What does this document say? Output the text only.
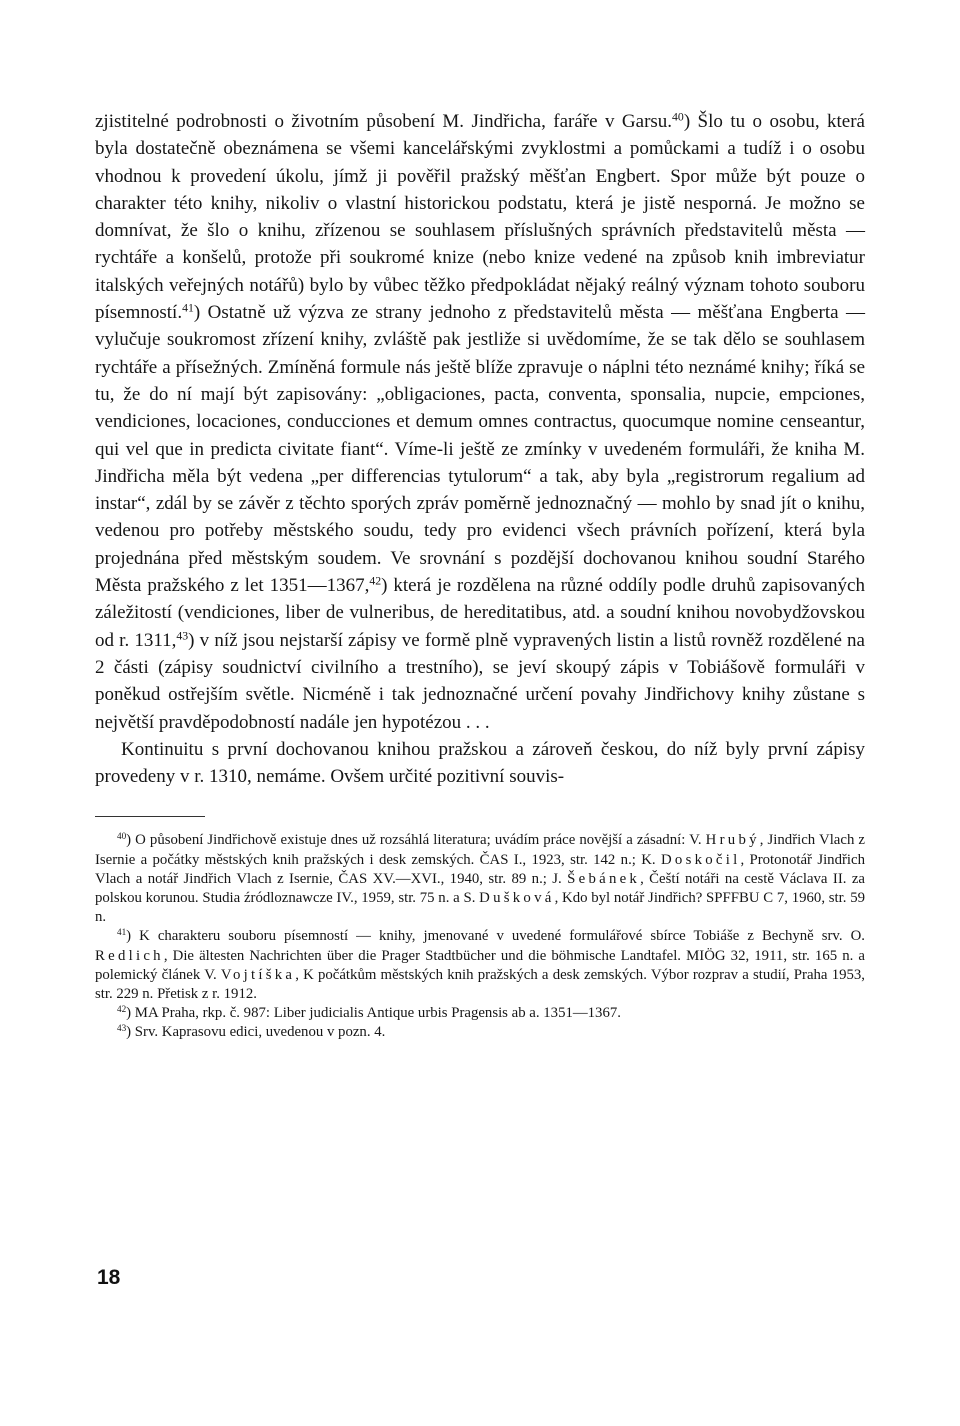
zjistitelné podrobnosti o životním působení M. Jindřicha, faráře v Garsu.$^{40}$) Šlo tu o osobu, která byla dostatečně obeznámena se všemi kancelářskými zvyklostmi a pomůckami a tudíž i o osobu vhodnou k provedení úkolu, jímž ji pověřil pražský měšťan Engbert. Spor může být pouze o charakter této knihy, nikoliv o vlastní historickou podstatu, která je jistě nesporná. Je možno se domnívat, že šlo o knihu, zřízenou se souhlasem příslušných správních představitelů města — rychtáře a konšelů, protože při soukromé knize (nebo knize vedené na způsob knih imbreviatur italských veřejných notářů) bylo by vůbec těžko předpokládat nějaký reálný význam tohoto souboru písemností.$^{41}$) Ostatně už výzva ze strany jednoho z představitelů města — měšťana Engberta — vylučuje soukromost zřízení knihy, zvláště pak jestliže si uvědomíme, že se tak dělo se souhlasem rychtáře a přísežných. Zmíněná formule nás ještě blíže zpravuje o náplni této neznámé knihy; říká se tu, že do ní mají být zapisovány: „obligaciones, pacta, conventa, sponsalia, nupcie, empciones, vendiciones, locaciones, conducciones et demum omnes contractus, quocumque nomine censeantur, qui vel que in predicta civitate fiant“. Víme-li ještě ze zmínky v uvedeném formuláři, že kniha M. Jindřicha měla být vedena „per differencias tytulorum“ a tak, aby byla „registrorum regalium ad instar“, zdál by se závěr z těchto sporých zpráv poměrně jednoznačný — mohlo by snad jít o knihu, vedenou pro potřeby městského soudu, tedy pro evidenci všech právních pořízení, která byla projednána před městským soudem. Ve srovnání s pozdější dochovanou knihou soudní Starého Města pražského z let 1351—1367,42) která je rozdělena na různé oddíly podle druhů zapisovaných záležitostí (vendiciones, liber de vulneribus, de hereditatibus, atd. a soudní knihou novobydžovskou od r. 1311,43) v níž jsou nejstarší zápisy ve formě plně vypravených listin a listů rovněž rozdělené na 2 části (zápisy soudnictví civilního a trestního), se jeví skoupý zápis v Tobiášově formuláři v poněkud ostřejším světle. Nicméně i tak jednoznačné určení povahy Jindřichovy knihy zůstane s největší pravděpodobností nadále jen hypotézou . . .

Kontinuitu s první dochovanou knihou pražskou a zároveň českou, do níž byly první zápisy provedeny v r. 1310, nemáme. Ovšem určité pozitivní souvis-

$^{40}$) O působení Jindřichově existuje dnes už rozsáhlá literatura; uvádím práce novější a zásadní: V. Hrubý, Jindřich Vlach z Isernie a počátky městských knih pražských i desk zemských. ČAS I., 1923, str. 142 n.; K. Doskočil, Protonotář Jindřich Vlach a notář Jindřich Vlach z Isernie, ČAS XV.—XVI., 1940, str. 89 n.; J. Šebánek, Čeští notáři na cestě Václava II. za polskou korunou. Studia źródloznawcze IV., 1959, str. 75 n. a S. Dušková, Kdo byl notář Jindřich? SPFFBU C 7, 1960, str. 59 n.

$^{41}$) K charakteru souboru písemností — knihy, jmenované v uvedené formulářové sbírce Tobiáše z Bechyně srv. O. Redlich, Die ältesten Nachrichten über die Prager Stadtbücher und die böhmische Landtafel. MIÖG 32, 1911, str. 165 n. a polemický článek V. Vojtíška, K počátkům městských knih pražských a desk zemských. Výbor rozprav a studií, Praha 1953, str. 229 n. Přetisk z r. 1912.

$^{42}$) MA Praha, rkp. č. 987: Liber judicialis Antique urbis Pragensis ab a. 1351—1367.

$^{43}$) Srv. Kaprasovu edici, uvedenou v pozn. 4.

18
